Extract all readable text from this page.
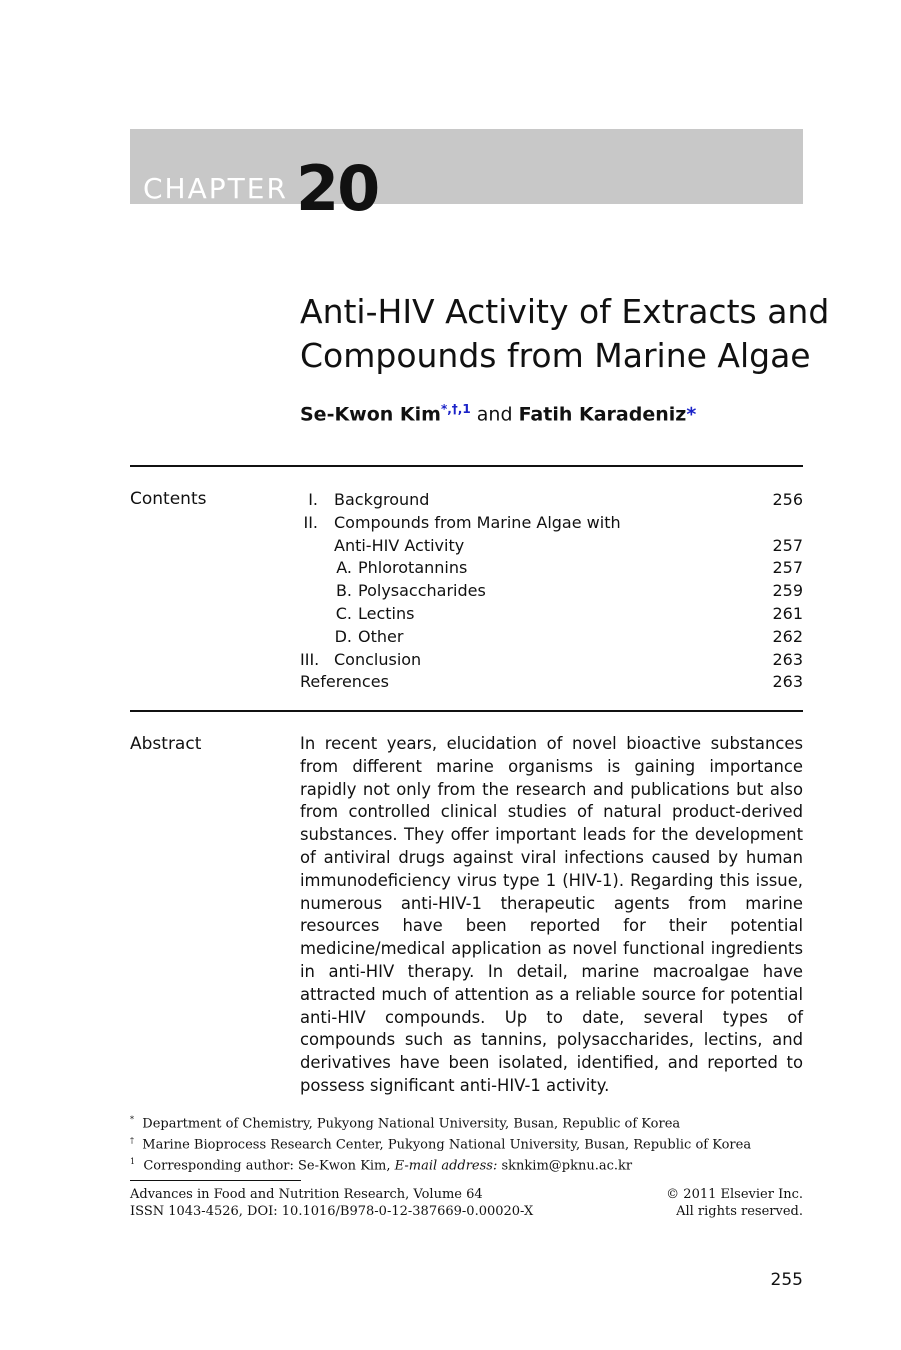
CHAPTER 20
Anti-HIV Activity of Extracts and
Compounds from Marine Algae
Se-Kwon Kim$^{*,\dagger,1}$ and Fatih Karadeniz*
Contents	I. Background	256
II. Compounds from Marine Algae with
Anti-HIV Activity	257
A. Phlorotannins	257
B. Polysaccharides	259
C. Lectins	261
D. Other	262
III. Conclusion	263
References	263
Abstract	In recent years, elucidation of novel bioactive substances from different marine organisms is gaining importance rapidly not only from the research and publications but also from controlled clinical studies of natural product-derived substances. They offer important leads for the development of antiviral drugs against viral infections caused by human immunodeficiency virus type 1 (HIV-1). Regarding this issue, numerous anti-HIV-1 therapeutic agents from marine resources have been reported for their potential medicine/medical application as novel functional ingredients in anti-HIV therapy. In detail, marine macroalgae have attracted much of attention as a reliable source for potential anti-HIV compounds. Up to date, several types of compounds such as tannins, polysaccharides, lectins, and derivatives have been isolated, identified, and reported to possess significant anti-HIV-1 activity.
* Department of Chemistry, Pukyong National University, Busan, Republic of Korea
† Marine Bioprocess Research Center, Pukyong National University, Busan, Republic of Korea
$^1$ Corresponding author: Se-Kwon Kim, E-mail address: sknkim@pknu.ac.kr
Advances in Food and Nutrition Research, Volume 64
ISSN 1043-4526, DOI: 10.1016/B978-0-12-387669-0.00020-X
© 2011 Elsevier Inc.
All rights reserved.
255
